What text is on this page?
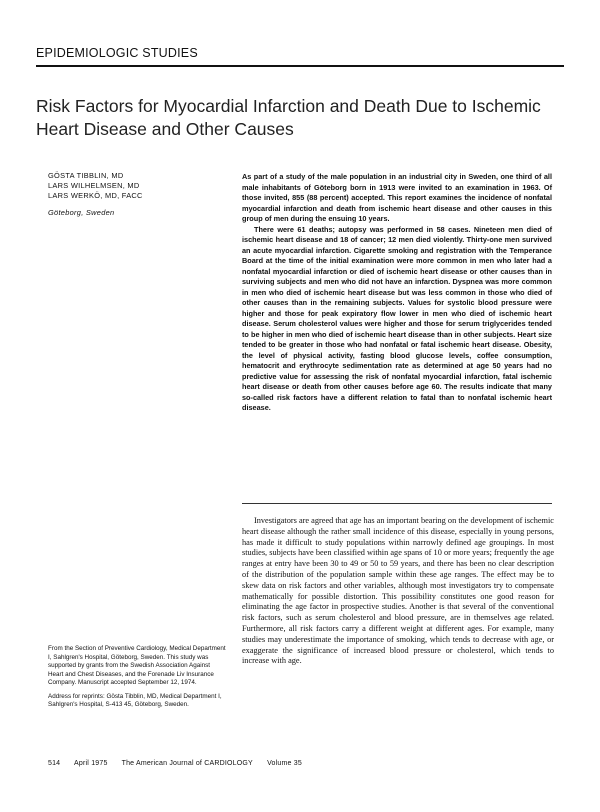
EPIDEMIOLOGIC STUDIES
Risk Factors for Myocardial Infarction and Death Due to Ischemic Heart Disease and Other Causes
GÖSTA TIBBLIN, MD
LARS WILHELMSEN, MD
LARS WERKÖ, MD, FACC
Göteborg, Sweden

As part of a study of the male population in an industrial city in Sweden, one third of all male inhabitants of Göteborg born in 1913 were invited to an examination in 1963. Of those invited, 855 (88 percent) accepted. This report examines the incidence of nonfatal myocardial infarction and death from ischemic heart disease and other causes in this group of men during the ensuing 10 years.

There were 61 deaths; autopsy was performed in 58 cases. Nineteen men died of ischemic heart disease and 18 of cancer; 12 men died violently. Thirty-one men survived an acute myocardial infarction. Cigarette smoking and registration with the Temperance Board at the time of the initial examination were more common in men who later had a nonfatal myocardial infarction or died of ischemic heart disease or other causes than in surviving subjects and men who did not have an infarction. Dyspnea was more common in men who died of ischemic heart disease but was less common in those who died of other causes than in the remaining subjects. Values for systolic blood pressure were higher and those for peak expiratory flow lower in men who died of ischemic heart disease. Serum cholesterol values were higher and those for serum triglycerides tended to be higher in men who died of ischemic heart disease than in other subjects. Heart size tended to be greater in those who had nonfatal or fatal ischemic heart disease. Obesity, the level of physical activity, fasting blood glucose levels, coffee consumption, hematocrit and erythrocyte sedimentation rate as determined at age 50 years had no predictive value for assessing the risk of nonfatal myocardial infarction, fatal ischemic heart disease or death from other causes before age 60. The results indicate that many so-called risk factors have a different relation to fatal than to nonfatal ischemic heart disease.

Investigators are agreed that age has an important bearing on the development of ischemic heart disease although the rather small incidence of this disease, especially in young persons, has made it difficult to study populations within narrowly defined age groupings. In most studies, subjects have been classified within age spans of 10 or more years; frequently the age ranges at entry have been 30 to 49 or 50 to 59 years, and there has been no clear description of the distribution of the population sample within these age ranges. The effect may be to skew data on risk factors and other variables, although most investigators try to compensate mathematically for possible distortion. This possibility constitutes one good reason for eliminating the age factor in prospective studies. Another is that several of the conventional risk factors, such as serum cholesterol and blood pressure, are in themselves age related. Furthermore, all risk factors carry a different weight at different ages. For example, many studies may underestimate the importance of smoking, which tends to decrease with age, or exaggerate the significance of increased blood pressure or cholesterol, which tends to increase with age.

From the Section of Preventive Cardiology, Medical Department I, Sahlgren's Hospital, Göteborg, Sweden. This study was supported by grants from the Swedish Association Against Heart and Chest Diseases, and the Forenade Liv Insurance Company. Manuscript accepted September 12, 1974.

Address for reprints: Gösta Tibblin, MD, Medical Department I, Sahlgren's Hospital, S-413 45, Göteborg, Sweden.

514 April 1975 The American Journal of CARDIOLOGY Volume 35
